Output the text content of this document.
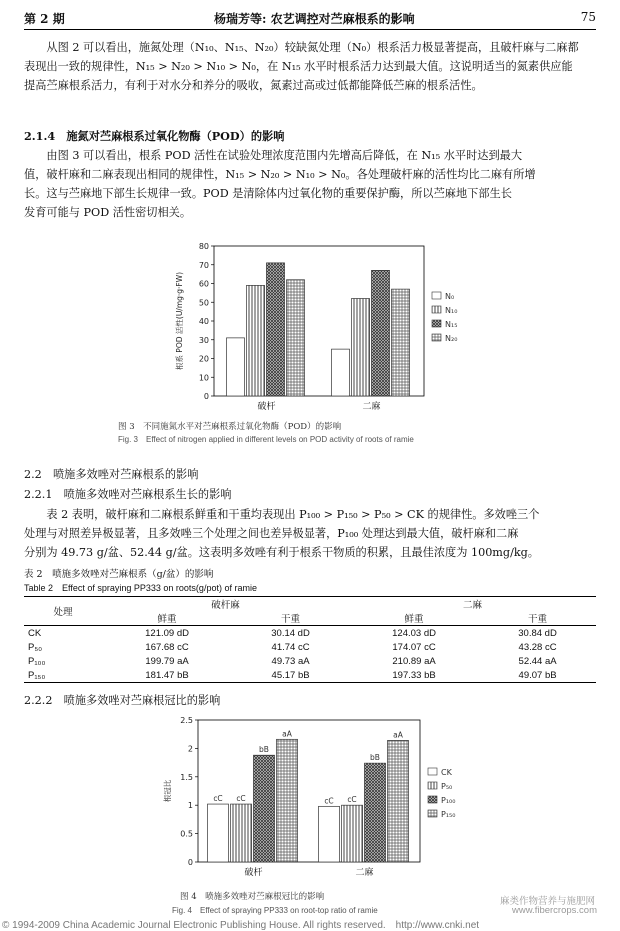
第 2 期	杨瑞芳等: 农艺调控对苎麻根系的影响	75
从图 2 可以看出，施氮处理（N₁₀、N₁₅、N₂₀）较缺氮处理（N₀）根系活力极显著提高，且破杆麻与二麻都
表现出一致的规律性，N₁₅ > N₂₀ > N₁₀ > N₀，在 N₁₅ 水平时根系活力达到最大值。这说明适当的氮素供应能
提高苎麻根系活力，有利于对水分和养分的吸收，氮素过高或过低都能降低苎麻的根系活性。
2.1.4　施氮对苎麻根系过氧化物酶（POD）的影响
由图 3 可以看出，根系 POD 活性在试验处理浓度范围内先增高后降低，在 N₁₅ 水平时达到最大
值，破杆麻和二麻表现出相同的规律性，N₁₅ > N₂₀ > N₁₀ > N₀。各处理破杆麻的活性均比二麻有所增
长。这与苎麻地下部生长规律一致。POD 是清除体内过氧化物的重要保护酶，所以苎麻地下部生长
发育可能与 POD 活性密切相关。
0
10
20
30
40
50
60
70
80
根系 POD 活性(U/mg·g·FW)
破杆	二麻
N₀
N₁₀
N₁₅
N₂₀
图 3　不同施氮水平对苎麻根系过氧化物酶（POD）的影响
Fig. 3　Effect of nitrogen applied in different levels on POD activity of roots of ramie
2.2　喷施多效唑对苎麻根系的影响
2.2.1　喷施多效唑对苎麻根系生长的影响
表 2 表明，破杆麻和二麻根系鲜重和干重均表现出 P₁₀₀ > P₁₅₀ > P₅₀ > CK 的规律性。多效唑三个
处理与对照差异极显著，且多效唑三个处理之间也差异极显著，P₁₀₀ 处理达到最大值，破杆麻和二麻
分别为 49.73 g/盆、52.44 g/盆。这表明多效唑有利于根系干物质的积累，且最佳浓度为 100mg/kg。
表 2　喷施多效唑对苎麻根系（g/盆）的影响
Table 2　Effect of spraying PP333 on roots(g/pot) of ramie
处理	破杆麻		二麻	
	鲜重	干重	鲜重	干重
CK	121.09 dD	30.14 dD	124.03 dD	30.84 dD
P₅₀	167.68 cC	41.74 cC	174.07 cC	43.28 cC
P₁₀₀	199.79 aA	49.73 aA	210.89 aA	52.44 aA
P₁₅₀	181.47 bB	45.17 bB	197.33 bB	49.07 bB
2.2.2　喷施多效唑对苎麻根冠比的影响
0
0.5
1
1.5
2
2.5
根冠比	cC cC
bB
aA
破杆
cC cC
bB
aA
二麻
CK
P₅₀
P₁₀₀
P₁₅₀
图 4　喷施多效唑对苎麻根冠比的影响
Fig. 4　Effect of spraying PP333 on root-top ratio of ramie
© 1994-2009 China Academic Journal Electronic Publishing House. All rights reserved.　http://www.cnki.net
麻类作物营养与施肥网
www.fibercrops.com
